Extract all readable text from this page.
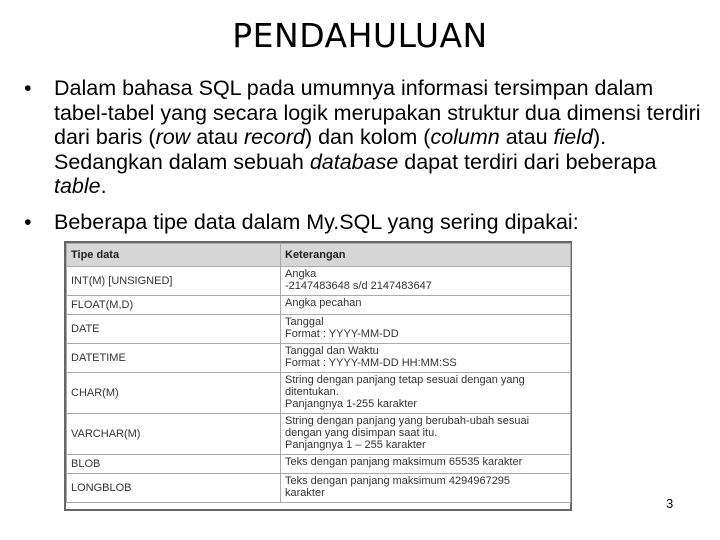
PENDAHULUAN
• Dalam bahasa SQL pada umumnya informasi tersimpan dalam tabel-tabel yang secara logik merupakan struktur dua dimensi terdiri dari baris (row atau record) dan kolom (column atau field). Sedangkan dalam sebuah database dapat terdiri dari beberapa table.
• Beberapa tipe data dalam My.SQL yang sering dipakai:
Tipe data	Keterangan
INT(M) [UNSIGNED]	Angka
-2147483648 s/d 2147483647

FLOAT(M,D)	Angka pecahan

DATE	Tanggal
Format : YYYY-MM-DD

DATETIME	Tanggal dan Waktu
Format : YYYY-MM-DD HH:MM:SS

CHAR(M)	String dengan panjang tetap sesuai dengan yang
ditentukan.
Panjangnya 1-255 karakter

VARCHAR(M)	String dengan panjang yang berubah-ubah sesuai
dengan yang disimpan saat itu.
Panjangnya 1 – 255 karakter

BLOB	Teks dengan panjang maksimum 65535 karakter

LONGBLOB	Teks dengan panjang maksimum 4294967295
karakter
3
